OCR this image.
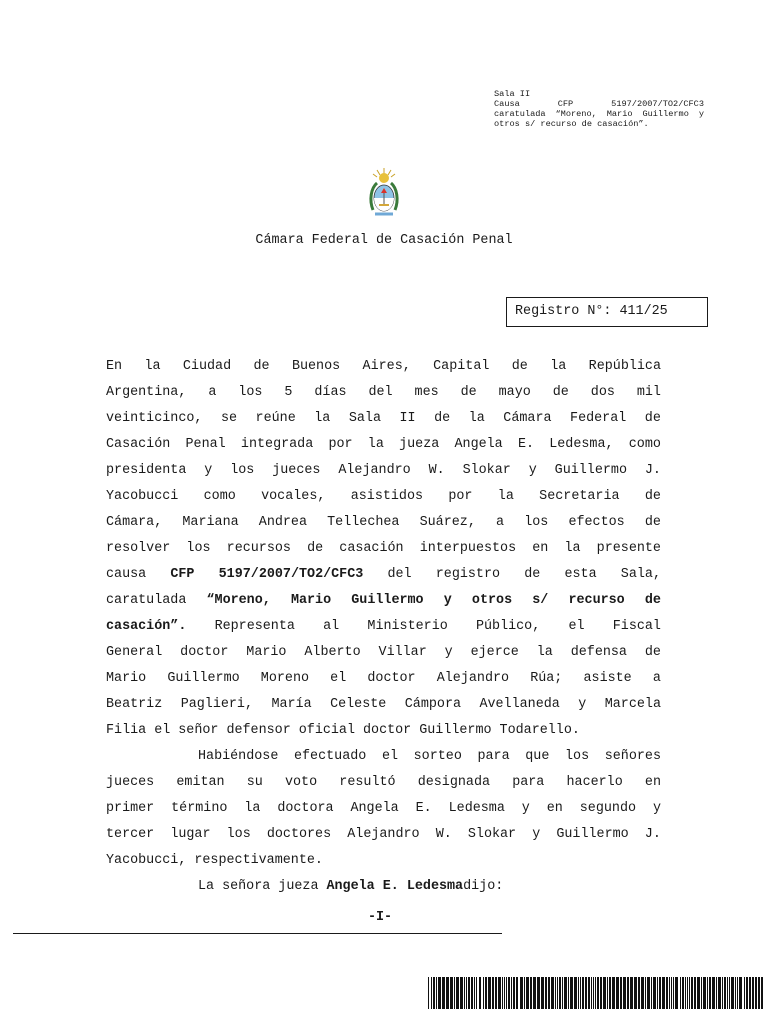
Sala II
Causa	CFP	5197/2007/TO2/CFC3
caratulada “Moreno, Mario Guillermo y
otros s/ recurso de casación”.
Cámara Federal de Casación Penal
Registro N°: 411/25
En la Ciudad de Buenos Aires, Capital de la República
Argentina, a los 5 días del mes de mayo de dos mil
veinticinco, se reúne la Sala II de la Cámara Federal de
Casación Penal integrada por la jueza Angela E. Ledesma, como
presidenta y los jueces Alejandro W. Slokar y Guillermo J.
Yacobucci como vocales, asistidos por la Secretaria de
Cámara, Mariana Andrea Tellechea Suárez, a los efectos de
resolver los recursos de casación interpuestos en la presente
causa CFP 5197/2007/TO2/CFC3 del registro de esta Sala,
caratulada “Moreno, Mario Guillermo y otros s/ recurso de
casación”. Representa al Ministerio Público, el Fiscal
General doctor Mario Alberto Villar y ejerce la defensa de
Mario Guillermo Moreno el doctor Alejandro Rúa; asiste a
Beatriz Paglieri, María Celeste Cámpora Avellaneda y Marcela
Filia el señor defensor oficial doctor Guillermo Todarello.
Habiéndose efectuado el sorteo para que los señores
jueces emitan su voto resultó designada para hacerlo en
primer término la doctora Angela E. Ledesma y en segundo y
tercer lugar los doctores Alejandro W. Slokar y Guillermo J.
Yacobucci, respectivamente.
La señora jueza Angela E. Ledesma dijo:
-I-
